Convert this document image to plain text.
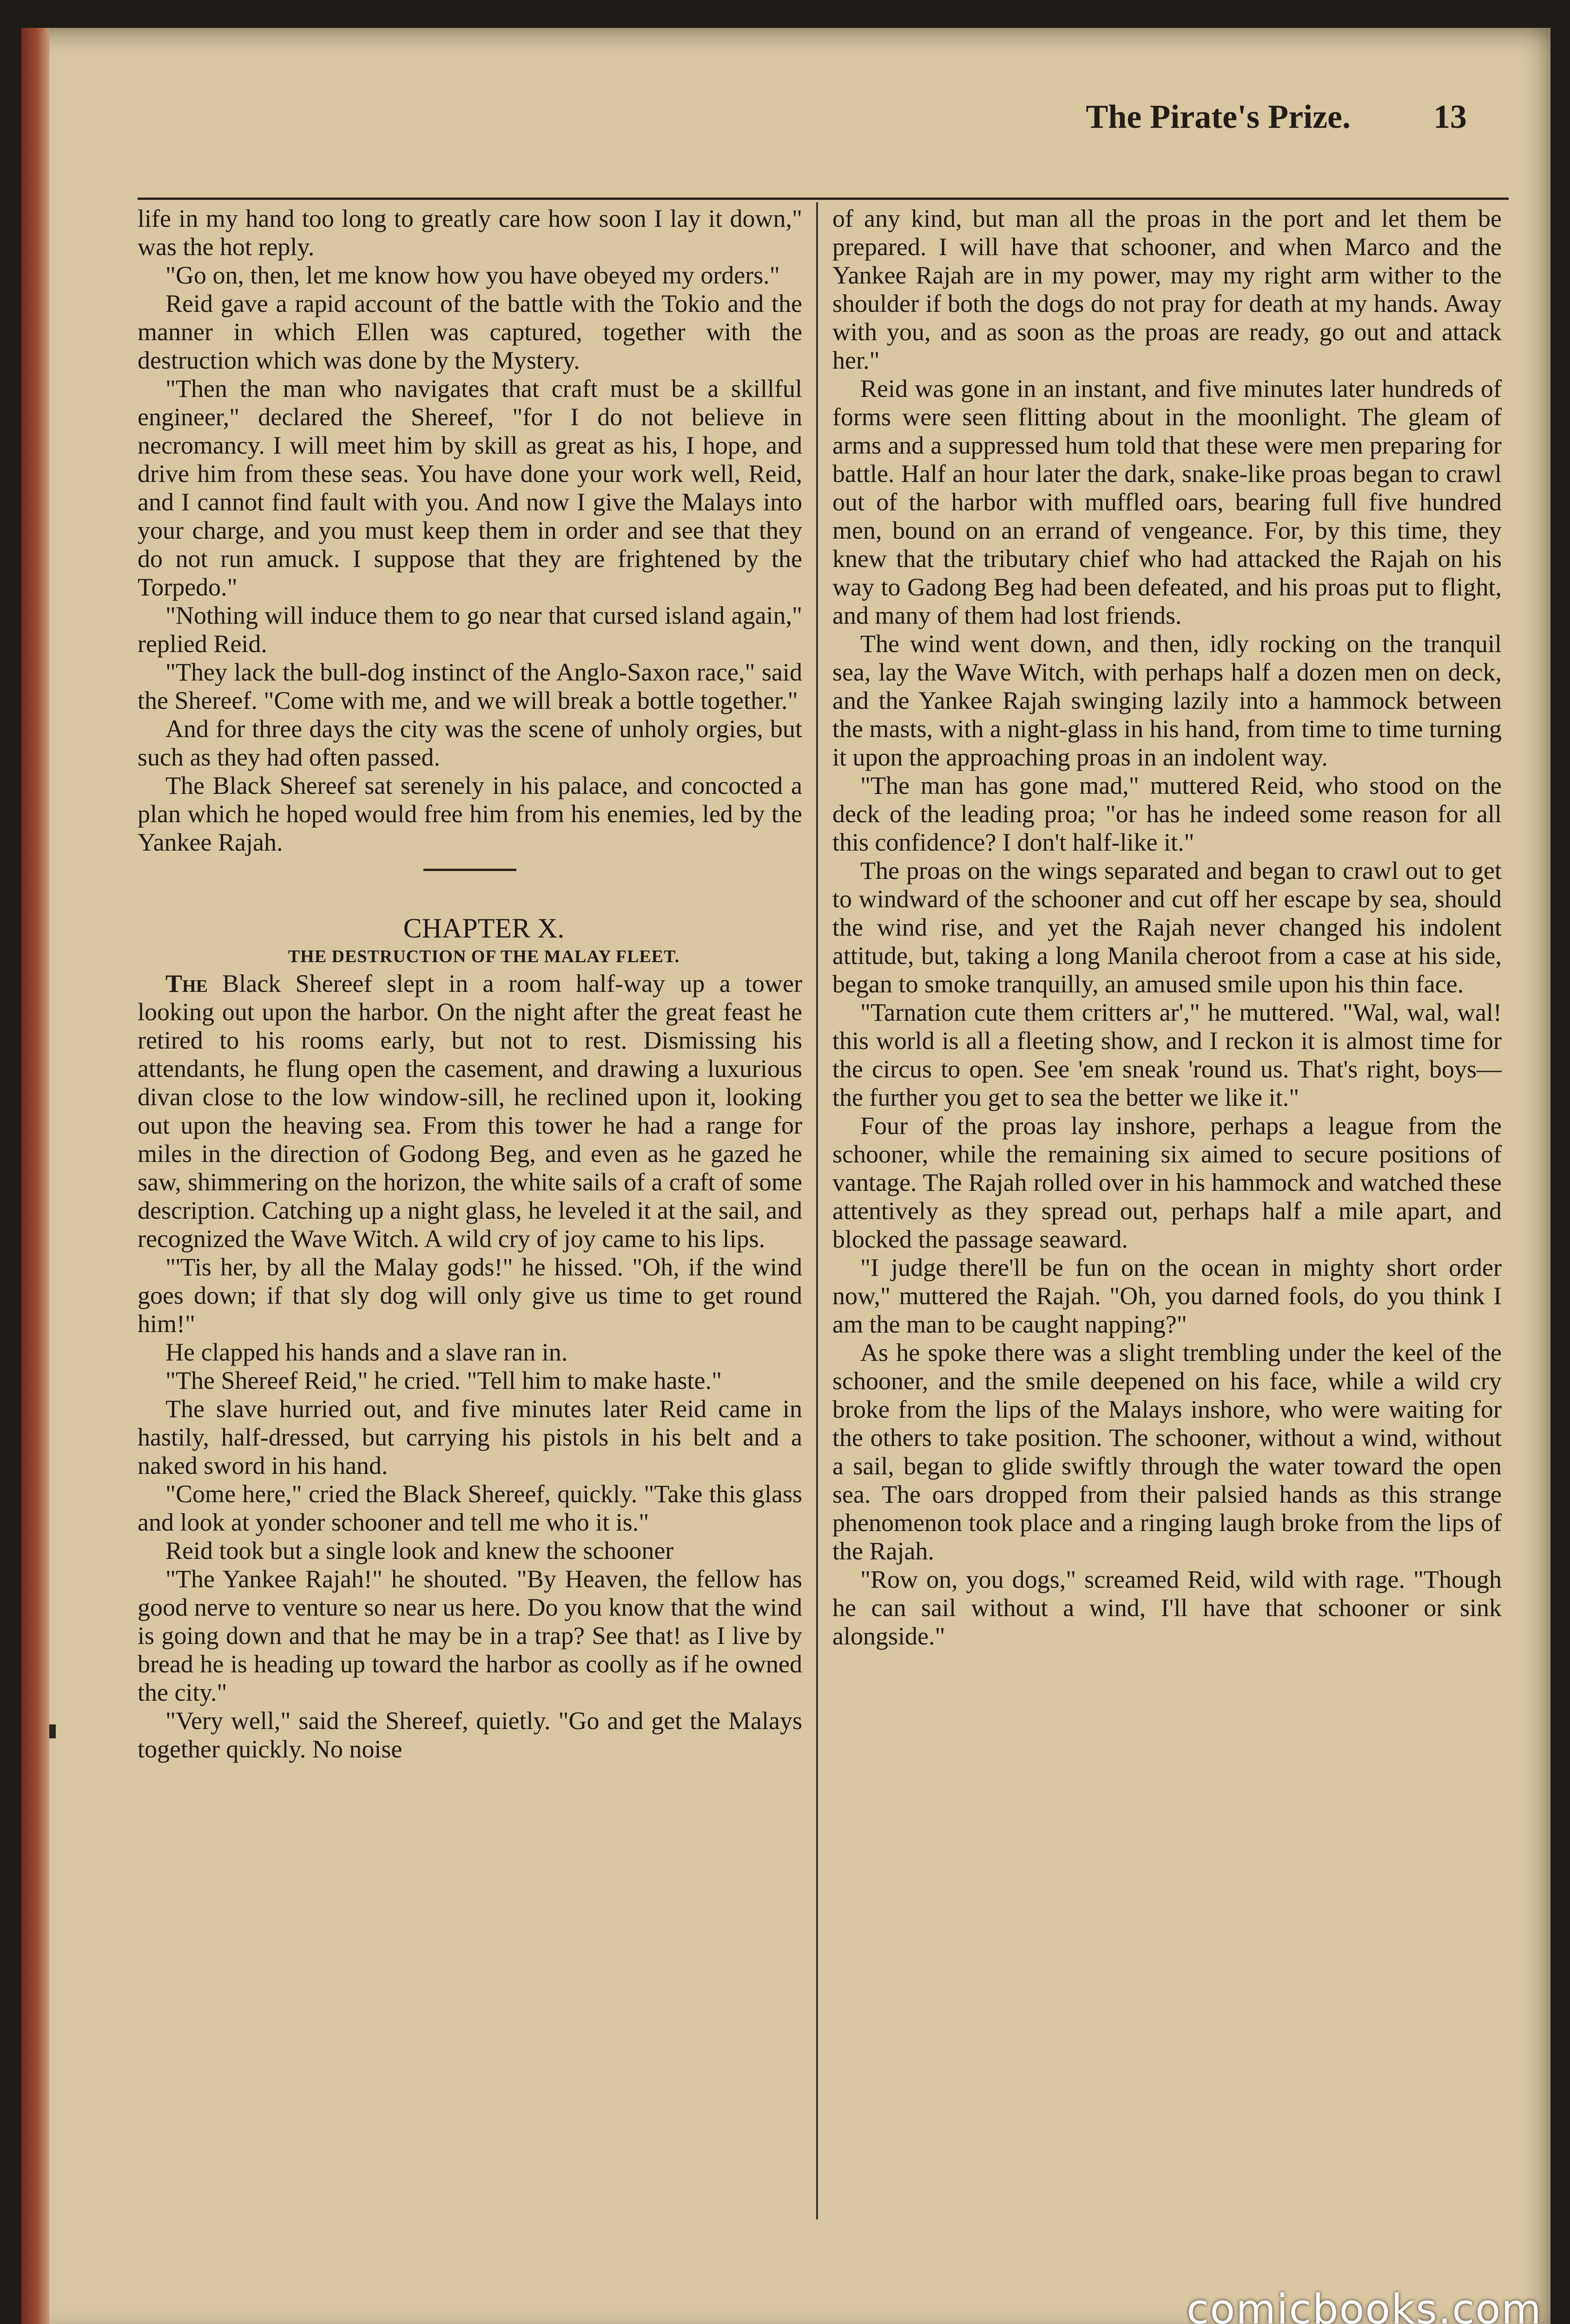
The Pirate's Prize. 13

life in my hand too long to greatly care how soon I lay it down," was the hot reply.

"Go on, then, let me know how you have obeyed my orders."

Reid gave a rapid account of the battle with the Tokio and the manner in which Ellen was captured, together with the destruction which was done by the Mystery.

"Then the man who navigates that craft must be a skillful engineer," declared the Shereef, "for I do not believe in necromancy. I will meet him by skill as great as his, I hope, and drive him from these seas. You have done your work well, Reid, and I cannot find fault with you. And now I give the Malays into your charge, and you must keep them in order and see that they do not run amuck. I suppose that they are frightened by the Torpedo."

"Nothing will induce them to go near that cursed island again," replied Reid.

"They lack the bull-dog instinct of the Anglo-Saxon race," said the Shereef. "Come with me, and we will break a bottle together."

And for three days the city was the scene of unholy orgies, but such as they had often passed.

The Black Shereef sat serenely in his palace, and concocted a plan which he hoped would free him from his enemies, led by the Yankee Rajah.

CHAPTER X.

THE DESTRUCTION OF THE MALAY FLEET.

The Black Shereef slept in a room half-way up a tower looking out upon the harbor. On the night after the great feast he retired to his rooms early, but not to rest. Dismissing his attendants, he flung open the casement, and drawing a luxurious divan close to the low window-sill, he reclined upon it, looking out upon the heaving sea. From this tower he had a range for miles in the direction of Godong Beg, and even as he gazed he saw, shimmering on the horizon, the white sails of a craft of some description. Catching up a night glass, he leveled it at the sail, and recognized the Wave Witch. A wild cry of joy came to his lips.

"'Tis her, by all the Malay gods!" he hissed. "Oh, if the wind goes down; if that sly dog will only give us time to get round him!"

He clapped his hands and a slave ran in.

"The Shereef Reid," he cried. "Tell him to make haste."

The slave hurried out, and five minutes later Reid came in hastily, half-dressed, but carrying his pistols in his belt and a naked sword in his hand.

"Come here," cried the Black Shereef, quickly. "Take this glass and look at yonder schooner and tell me who it is."

Reid took but a single look and knew the schooner

"The Yankee Rajah!" he shouted. "By Heaven, the fellow has good nerve to venture so near us here. Do you know that the wind is going down and that he may be in a trap? See that! as I live by bread he is heading up toward the harbor as coolly as if he owned the city."

"Very well," said the Shereef, quietly. "Go and get the Malays together quickly. No noise

of any kind, but man all the proas in the port and let them be prepared. I will have that schooner, and when Marco and the Yankee Rajah are in my power, may my right arm wither to the shoulder if both the dogs do not pray for death at my hands. Away with you, and as soon as the proas are ready, go out and attack her."

Reid was gone in an instant, and five minutes later hundreds of forms were seen flitting about in the moonlight. The gleam of arms and a suppressed hum told that these were men preparing for battle. Half an hour later the dark, snake-like proas began to crawl out of the harbor with muffled oars, bearing full five hundred men, bound on an errand of vengeance. For, by this time, they knew that the tributary chief who had attacked the Rajah on his way to Gadong Beg had been defeated, and his proas put to flight, and many of them had lost friends.

The wind went down, and then, idly rocking on the tranquil sea, lay the Wave Witch, with perhaps half a dozen men on deck, and the Yankee Rajah swinging lazily into a hammock between the masts, with a night-glass in his hand, from time to time turning it upon the approaching proas in an indolent way.

"The man has gone mad," muttered Reid, who stood on the deck of the leading proa; "or has he indeed some reason for all this confidence? I don't half-like it."

The proas on the wings separated and began to crawl out to get to windward of the schooner and cut off her escape by sea, should the wind rise, and yet the Rajah never changed his indolent attitude, but, taking a long Manila cheroot from a case at his side, began to smoke tranquilly, an amused smile upon his thin face.

"Tarnation cute them critters ar'," he muttered. "Wal, wal, wal! this world is all a fleeting show, and I reckon it is almost time for the circus to open. See 'em sneak 'round us. That's right, boys—the further you get to sea the better we like it."

Four of the proas lay inshore, perhaps a league from the schooner, while the remaining six aimed to secure positions of vantage. The Rajah rolled over in his hammock and watched these attentively as they spread out, perhaps half a mile apart, and blocked the passage seaward.

"I judge there'll be fun on the ocean in mighty short order now," muttered the Rajah. "Oh, you darned fools, do you think I am the man to be caught napping?"

As he spoke there was a slight trembling under the keel of the schooner, and the smile deepened on his face, while a wild cry broke from the lips of the Malays inshore, who were waiting for the others to take position. The schooner, without a wind, without a sail, began to glide swiftly through the water toward the open sea. The oars dropped from their palsied hands as this strange phenomenon took place and a ringing laugh broke from the lips of the Rajah.

"Row on, you dogs," screamed Reid, wild with rage. "Though he can sail without a wind, I'll have that schooner or sink alongside."

comicbooks.com
